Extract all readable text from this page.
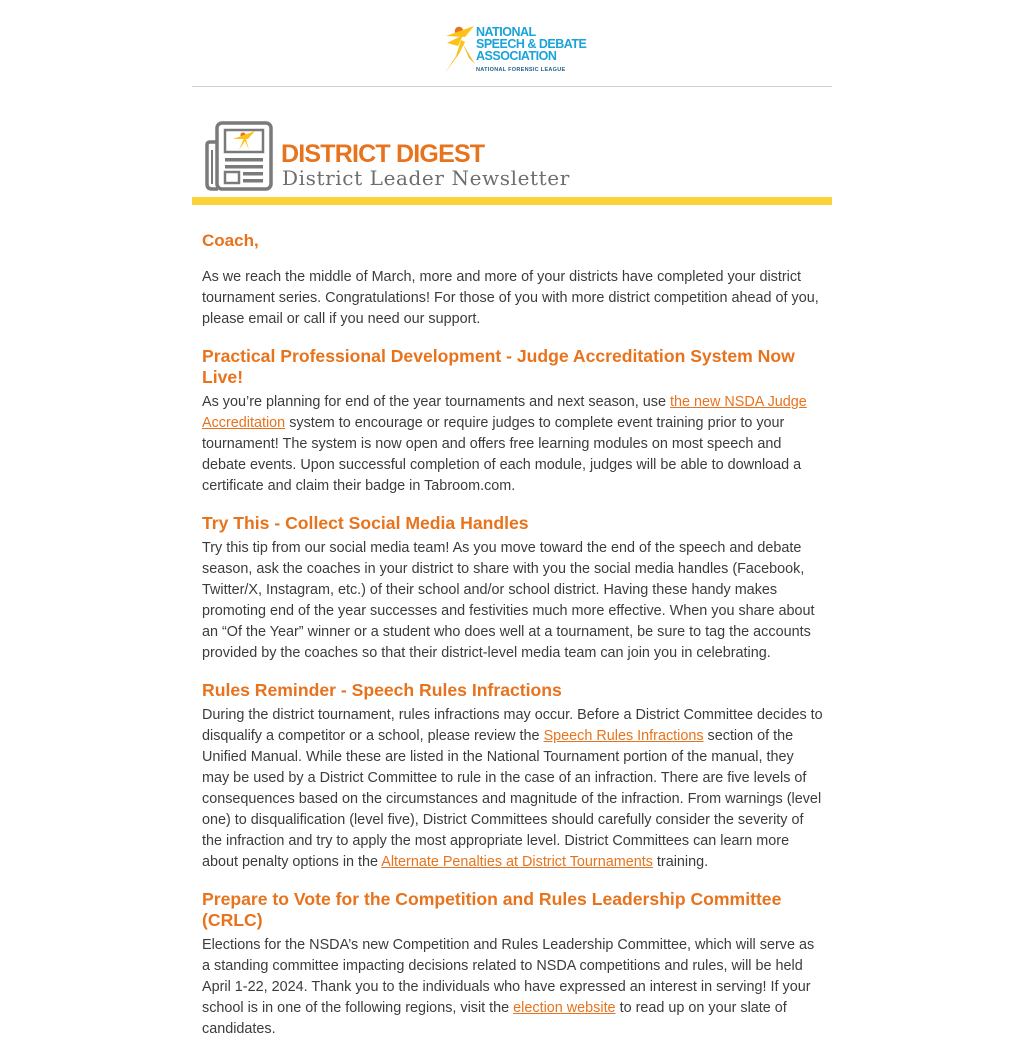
NATIONAL
SPEECH & DEBATE
ASSOCIATION
NATIONAL FORENSIC LEAGUE
DISTRICT DIGEST
District Leader Newsletter
Coach,

As we reach the middle of March, more and more of your districts have completed your district tournament series. Congratulations! For those of you with more district competition ahead of you, please email or call if you need our support.

Practical Professional Development - Judge Accreditation System Now Live!

As you’re planning for end of the year tournaments and next season, use the new NSDA Judge Accreditation system to encourage or require judges to complete event training prior to your tournament! The system is now open and offers free learning modules on most speech and debate events. Upon successful completion of each module, judges will be able to download a certificate and claim their badge in Tabroom.com.

Try This - Collect Social Media Handles

Try this tip from our social media team! As you move toward the end of the speech and debate season, ask the coaches in your district to share with you the social media handles (Facebook, Twitter/X, Instagram, etc.) of their school and/or school district. Having these handy makes promoting end of the year successes and festivities much more effective. When you share about an “Of the Year” winner or a student who does well at a tournament, be sure to tag the accounts provided by the coaches so that their district-level media team can join you in celebrating.

Rules Reminder - Speech Rules Infractions

During the district tournament, rules infractions may occur. Before a District Committee decides to disqualify a competitor or a school, please review the Speech Rules Infractions section of the Unified Manual. While these are listed in the National Tournament portion of the manual, they may be used by a District Committee to rule in the case of an infraction. There are five levels of consequences based on the circumstances and magnitude of the infraction. From warnings (level one) to disqualification (level five), District Committees should carefully consider the severity of the infraction and try to apply the most appropriate level. District Committees can learn more about penalty options in the Alternate Penalties at District Tournaments training.

Prepare to Vote for the Competition and Rules Leadership Committee (CRLC)

Elections for the NSDA’s new Competition and Rules Leadership Committee, which will serve as a standing committee impacting decisions related to NSDA competitions and rules, will be held April 1-22, 2024. Thank you to the individuals who have expressed an interest in serving! If your school is in one of the following regions, visit the election website to read up on your slate of candidates.
